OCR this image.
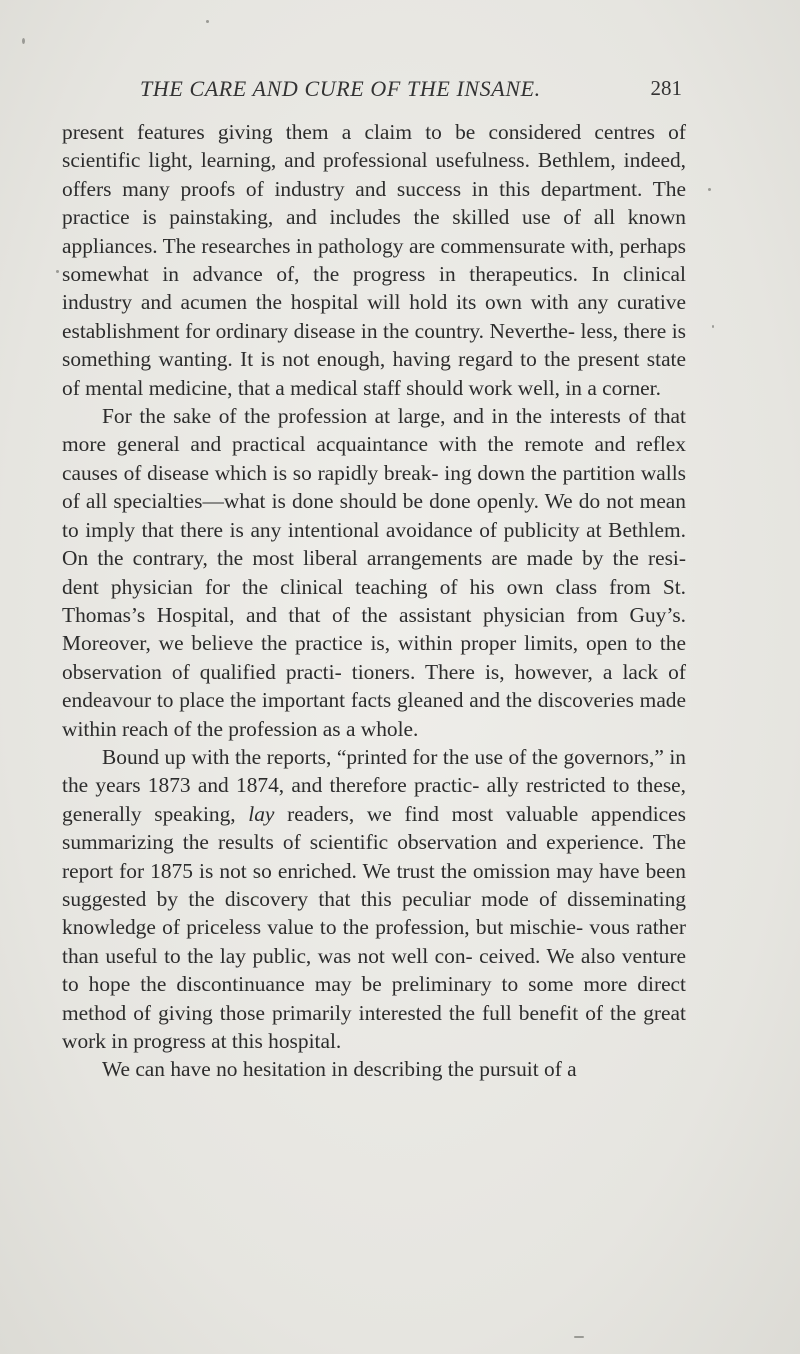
THE CARE AND CURE OF THE INSANE.	281

present features giving them a claim to be considered centres of scientific light, learning, and professional usefulness. Bethlem, indeed, offers many proofs of industry and success in this department. The practice is painstaking, and includes the skilled use of all known appliances. The researches in pathology are commensurate with, perhaps somewhat in advance of, the progress in therapeutics. In clinical industry and acumen the hospital will hold its own with any curative establishment for ordinary disease in the country. Neverthe- less, there is something wanting. It is not enough, having regard to the present state of mental medicine, that a medical staff should work well, in a corner.

For the sake of the profession at large, and in the interests of that more general and practical acquaintance with the remote and reflex causes of disease which is so rapidly break- ing down the partition walls of all specialties—what is done should be done openly. We do not mean to imply that there is any intentional avoidance of publicity at Bethlem. On the contrary, the most liberal arrangements are made by the resi- dent physician for the clinical teaching of his own class from St. Thomas’s Hospital, and that of the assistant physician from Guy’s. Moreover, we believe the practice is, within proper limits, open to the observation of qualified practi- tioners. There is, however, a lack of endeavour to place the important facts gleaned and the discoveries made within reach of the profession as a whole.

Bound up with the reports, “printed for the use of the governors,” in the years 1873 and 1874, and therefore practic- ally restricted to these, generally speaking, lay readers, we find most valuable appendices summarizing the results of scientific observation and experience. The report for 1875 is not so enriched. We trust the omission may have been suggested by the discovery that this peculiar mode of disseminating knowledge of priceless value to the profession, but mischie- vous rather than useful to the lay public, was not well con- ceived. We also venture to hope the discontinuance may be preliminary to some more direct method of giving those primarily interested the full benefit of the great work in progress at this hospital.

We can have no hesitation in describing the pursuit of a
